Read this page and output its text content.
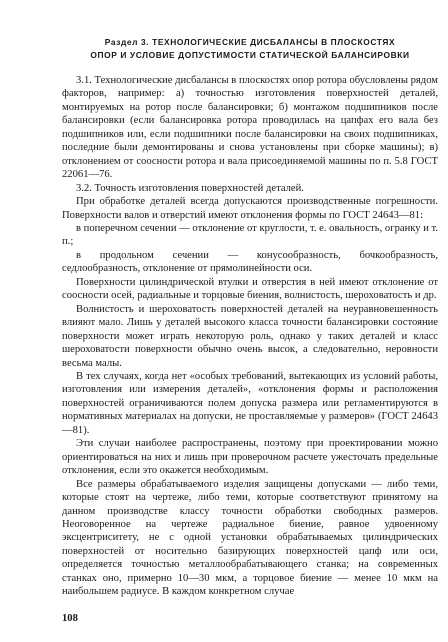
Раздел 3. ТЕХНОЛОГИЧЕСКИЕ ДИСБАЛАНСЫ В ПЛОСКОСТЯХ
ОПОР И УСЛОВИЕ ДОПУСТИМОСТИ СТАТИЧЕСКОЙ БАЛАНСИРОВКИ

3.1. Технологические дисбалансы в плоскостях опор ротора обусловлены рядом факторов, например: а) точностью изготовления поверхностей деталей, монтируемых на ротор после балансировки; б) монтажом подшипников после балансировки (если балансировка ротора проводилась на цапфах его вала без подшипников или, если подшипники после балансировки на своих подшипниках, последние были демонтированы и снова установлены при сборке машины); в) отклонением от соосности ротора и вала присоединяемой машины по п. 5.8 ГОСТ 22061—76.

3.2. Точность изготовления поверхностей деталей.

При обработке деталей всегда допускаются производственные погрешности. Поверхности валов и отверстий имеют отклонения формы по ГОСТ 24643—81:

в поперечном сечении — отклонение от круглости, т. е. овальность, огранку и т. п.;

в продольном сечении — конусообразность, бочкообразность, седлообразность, отклонение от прямолинейности оси.

Поверхности цилиндрической втулки и отверстия в ней имеют отклонение от соосности осей, радиальные и торцовые биения, волнистость, шероховатость и др.

Волнистость и шероховатость поверхностей деталей на неуравновешенность влияют мало. Лишь у деталей высокого класса точности балансировки состояние поверхности может играть некоторую роль, однако у таких деталей и класс шероховатости поверхности обычно очень высок, а следовательно, неровности весьма малы.

В тех случаях, когда нет «особых требований, вытекающих из условий работы, изготовления или измерения деталей», «отклонения формы и расположения поверхностей ограничиваются полем допуска размера или регламентируются в нормативных материалах на допуски, не проставляемые у размеров» (ГОСТ 24643—81).

Эти случаи наиболее распространены, поэтому при проектировании можно ориентироваться на них и лишь при проверочном расчете ужесточать предельные отклонения, если это окажется необходимым.

Все размеры обрабатываемого изделия защищены допусками — либо теми, которые стоят на чертеже, либо теми, которые соответствуют принятому на данном производстве классу точности обработки свободных размеров. Неоговоренное на чертеже радиальное биение, равное удвоенному эксцентриситету, не с одной установки обрабатываемых цилиндрических поверхностей от носительно базирующих поверхностей цапф или оси, определяется точностью металлообрабатывающего станка; на современных станках оно, примерно 10—30 мкм, а торцовое биение — менее 10 мкм на наибольшем радиусе. В каждом конкретном случае

108
